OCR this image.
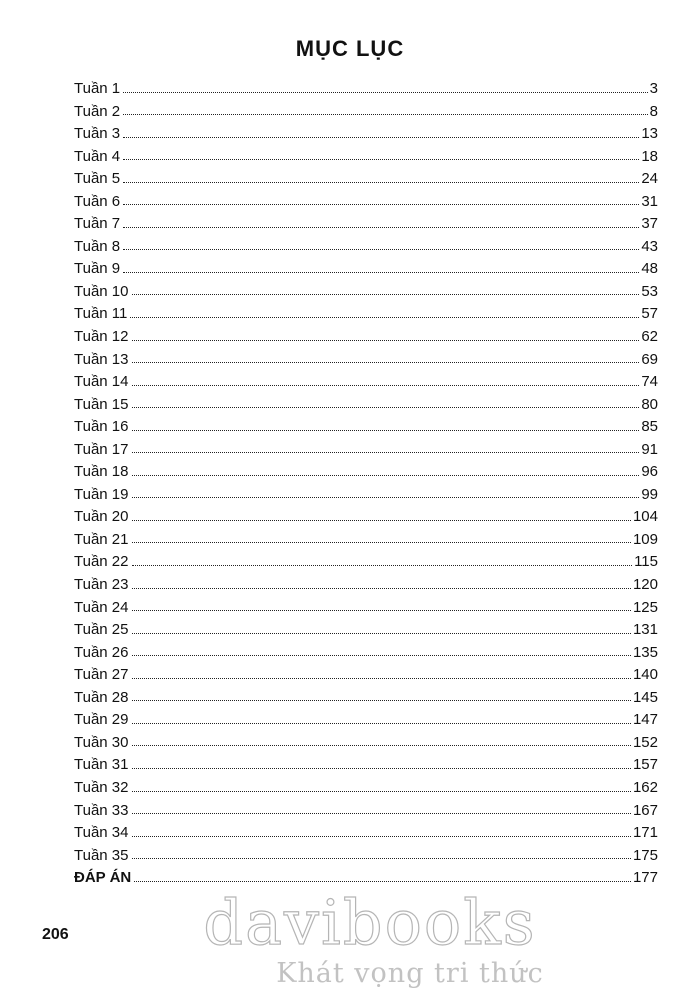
MỤC LỤC
Tuần 1	3
Tuần 2	8
Tuần 3	13
Tuần 4	18
Tuần 5	24
Tuần 6	31
Tuần 7	37
Tuần 8	43
Tuần 9	48
Tuần 10	53
Tuần 11	57
Tuần 12	62
Tuần 13	69
Tuần 14	74
Tuần 15	80
Tuần 16	85
Tuần 17	91
Tuần 18	96
Tuần 19	99
Tuần 20	104
Tuần 21	109
Tuần 22	115
Tuần 23	120
Tuần 24	125
Tuần 25	131
Tuần 26	135
Tuần 27	140
Tuần 28	145
Tuần 29	147
Tuần 30	152
Tuần 31	157
Tuần 32	162
Tuần 33	167
Tuần 34	171
Tuần 35	175
ĐÁP ÁN	177
206	davibooks
Khát vọng tri thức
